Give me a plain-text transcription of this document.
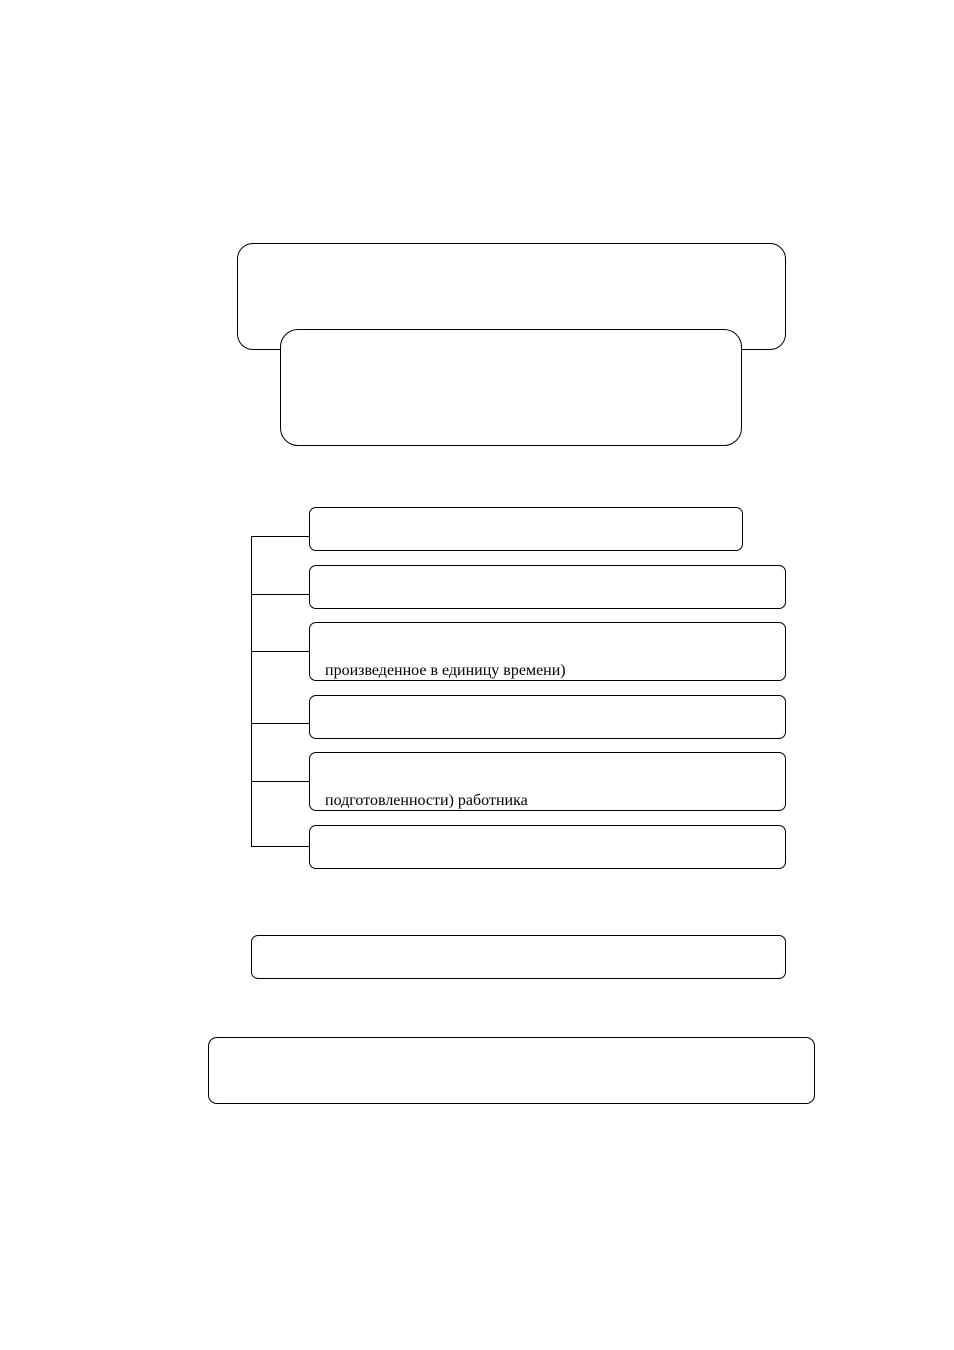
произведенное в единицу времени)
подготовленности) работника
